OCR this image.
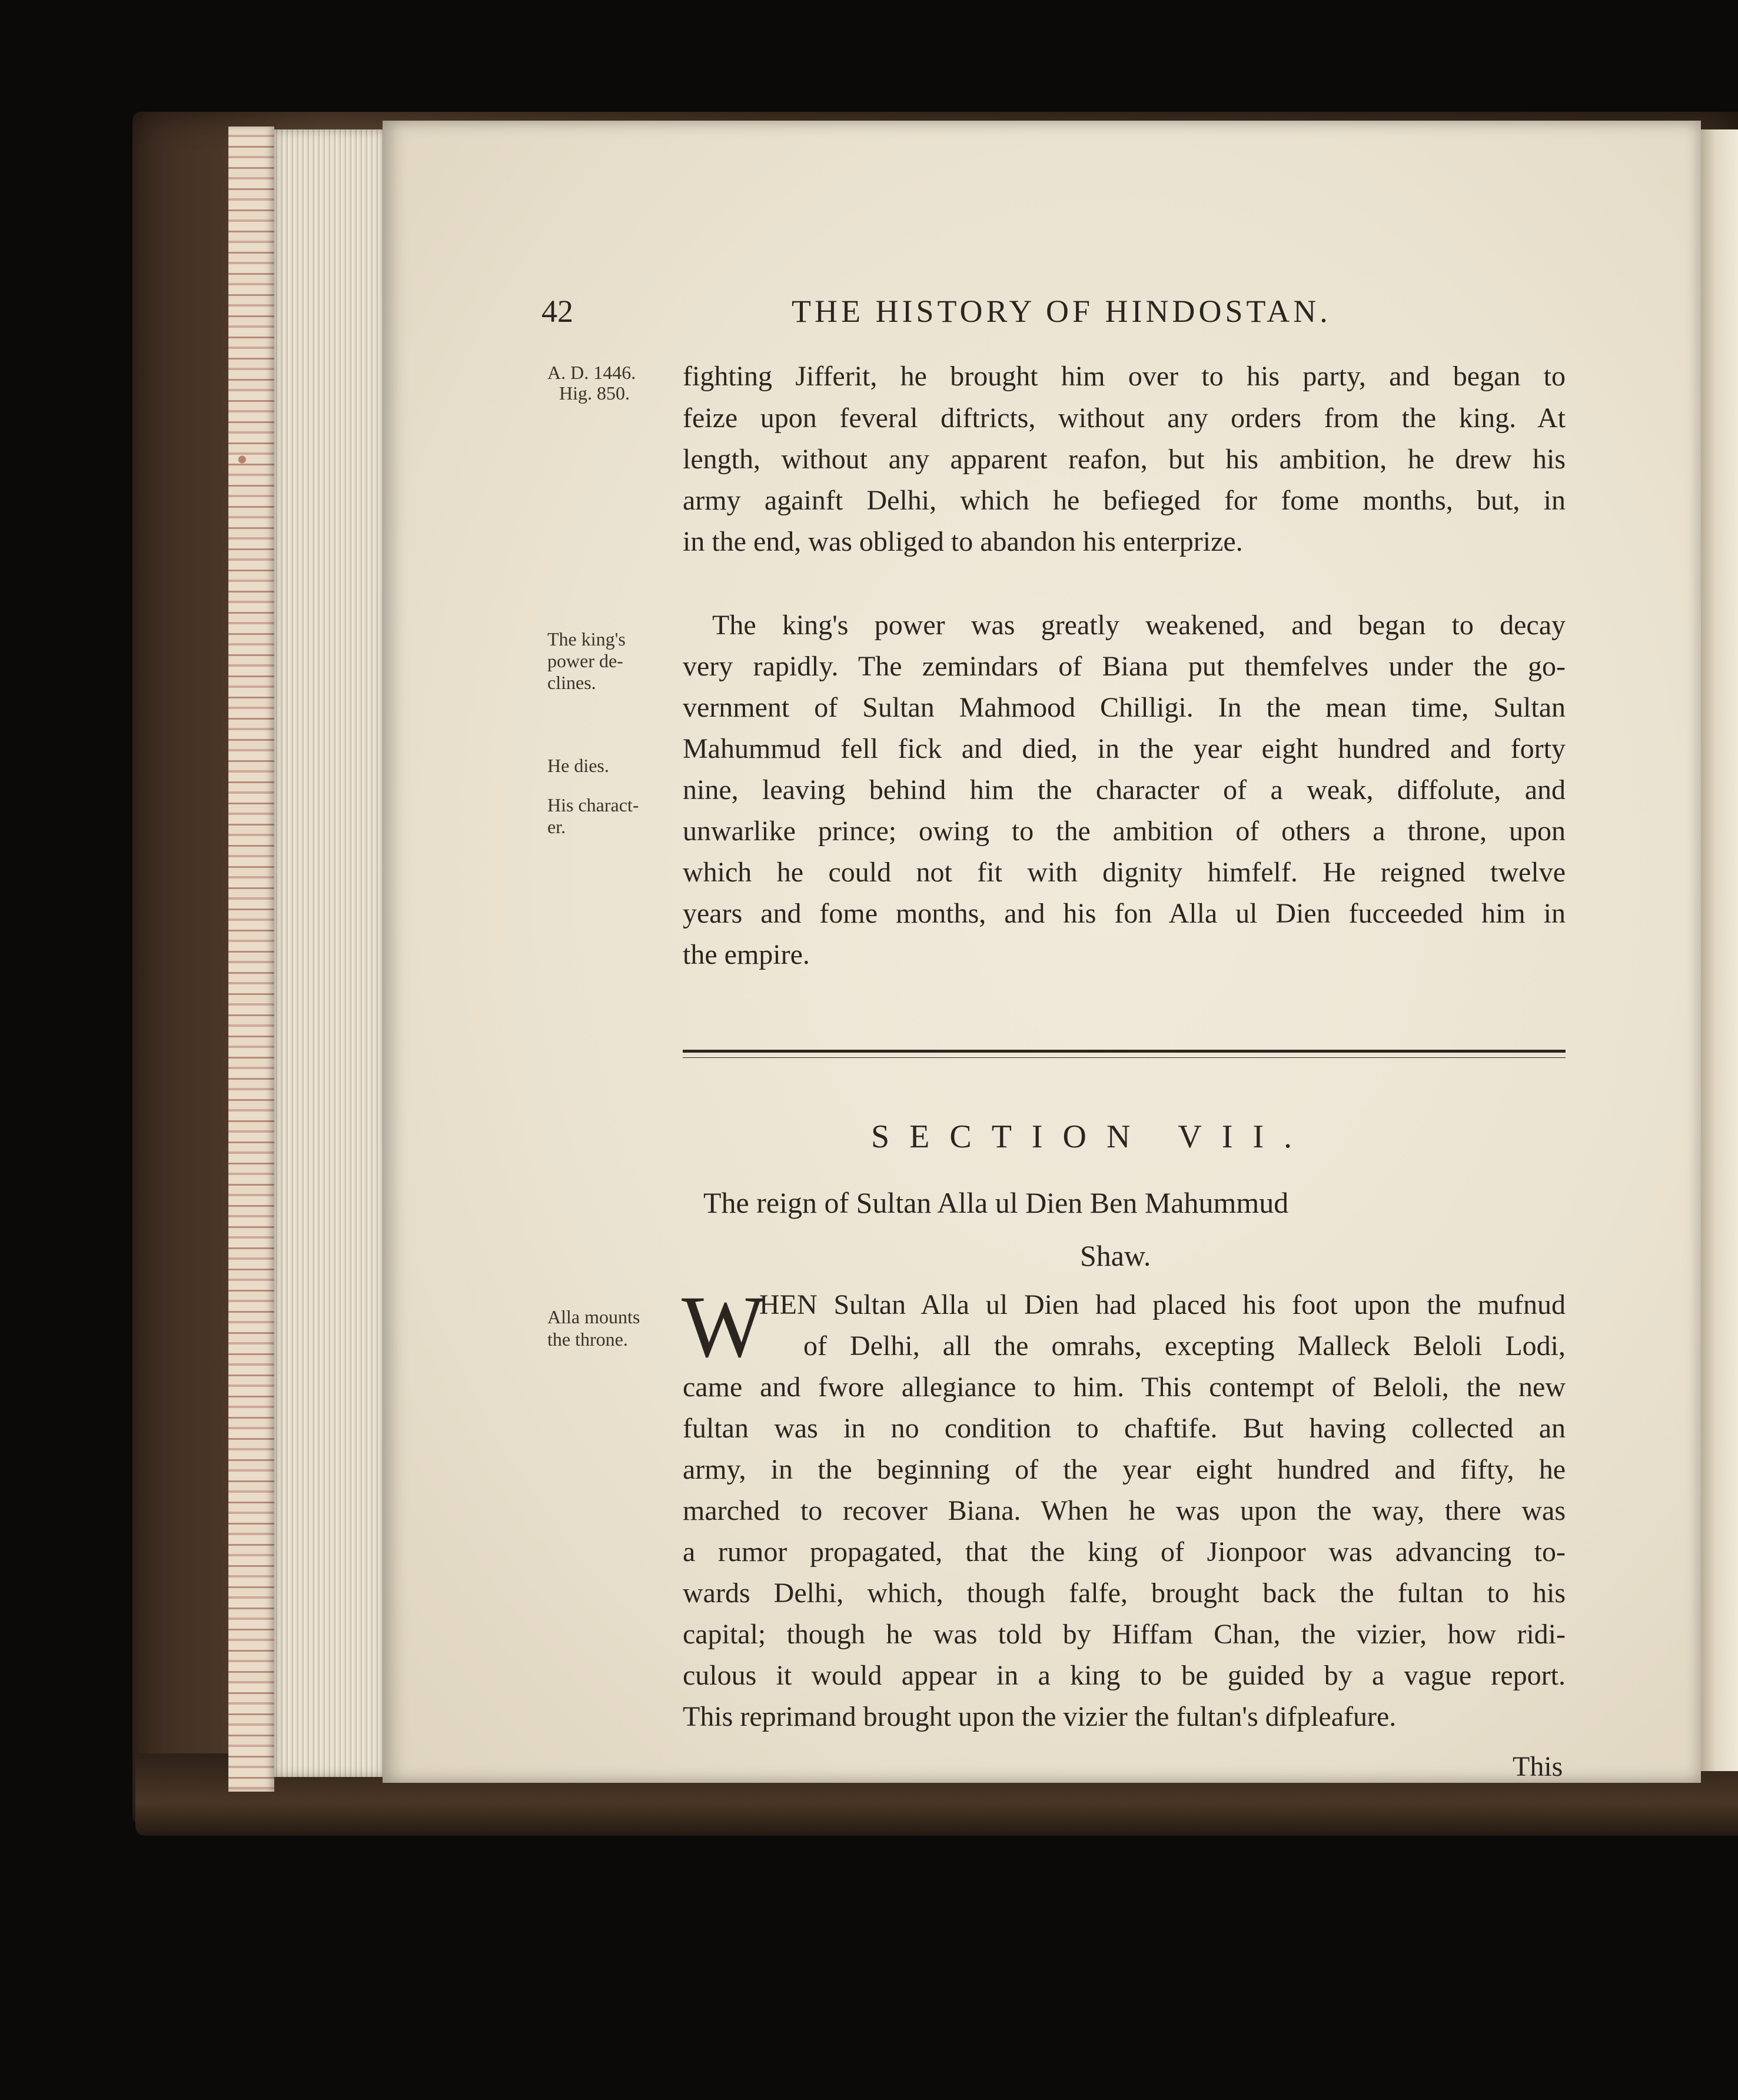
42	THE HISTORY OF HINDOSTAN.
A. D. 1446.
Hig. 850.
The king's
power de-
clines.
He dies.
His charact-
er.
Alla mounts
the throne.
fighting Jifferit, he brought him over to his party, and began to
feize upon feveral diftricts, without any orders from the king. At
length, without any apparent reafon, but his ambition, he drew his
army againft Delhi, which he befieged for fome months, but, in
in the end, was obliged to abandon his enterprize.
The king's power was greatly weakened, and began to decay
very rapidly. The zemindars of Biana put themfelves under the go-
vernment of Sultan Mahmood Chilligi. In the mean time, Sultan
Mahummud fell fick and died, in the year eight hundred and forty
nine, leaving behind him the character of a weak, diffolute, and
unwarlike prince; owing to the ambition of others a throne, upon
which he could not fit with dignity himfelf. He reigned twelve
years and fome months, and his fon Alla ul Dien fucceeded him in
the empire.
SECTION VII.
The reign of Sultan Alla ul Dien Ben Mahummud
Shaw.
W
HEN Sultan Alla ul Dien had placed his foot upon the mufnud
of Delhi, all the omrahs, excepting Malleck Beloli Lodi,
came and fwore allegiance to him. This contempt of Beloli, the new
fultan was in no condition to chaftife. But having collected an
army, in the beginning of the year eight hundred and fifty, he
marched to recover Biana. When he was upon the way, there was
a rumor propagated, that the king of Jionpoor was advancing to-
wards Delhi, which, though falfe, brought back the fultan to his
capital; though he was told by Hiffam Chan, the vizier, how ridi-
culous it would appear in a king to be guided by a vague report.
This reprimand brought upon the vizier the fultan's difpleafure.
This
